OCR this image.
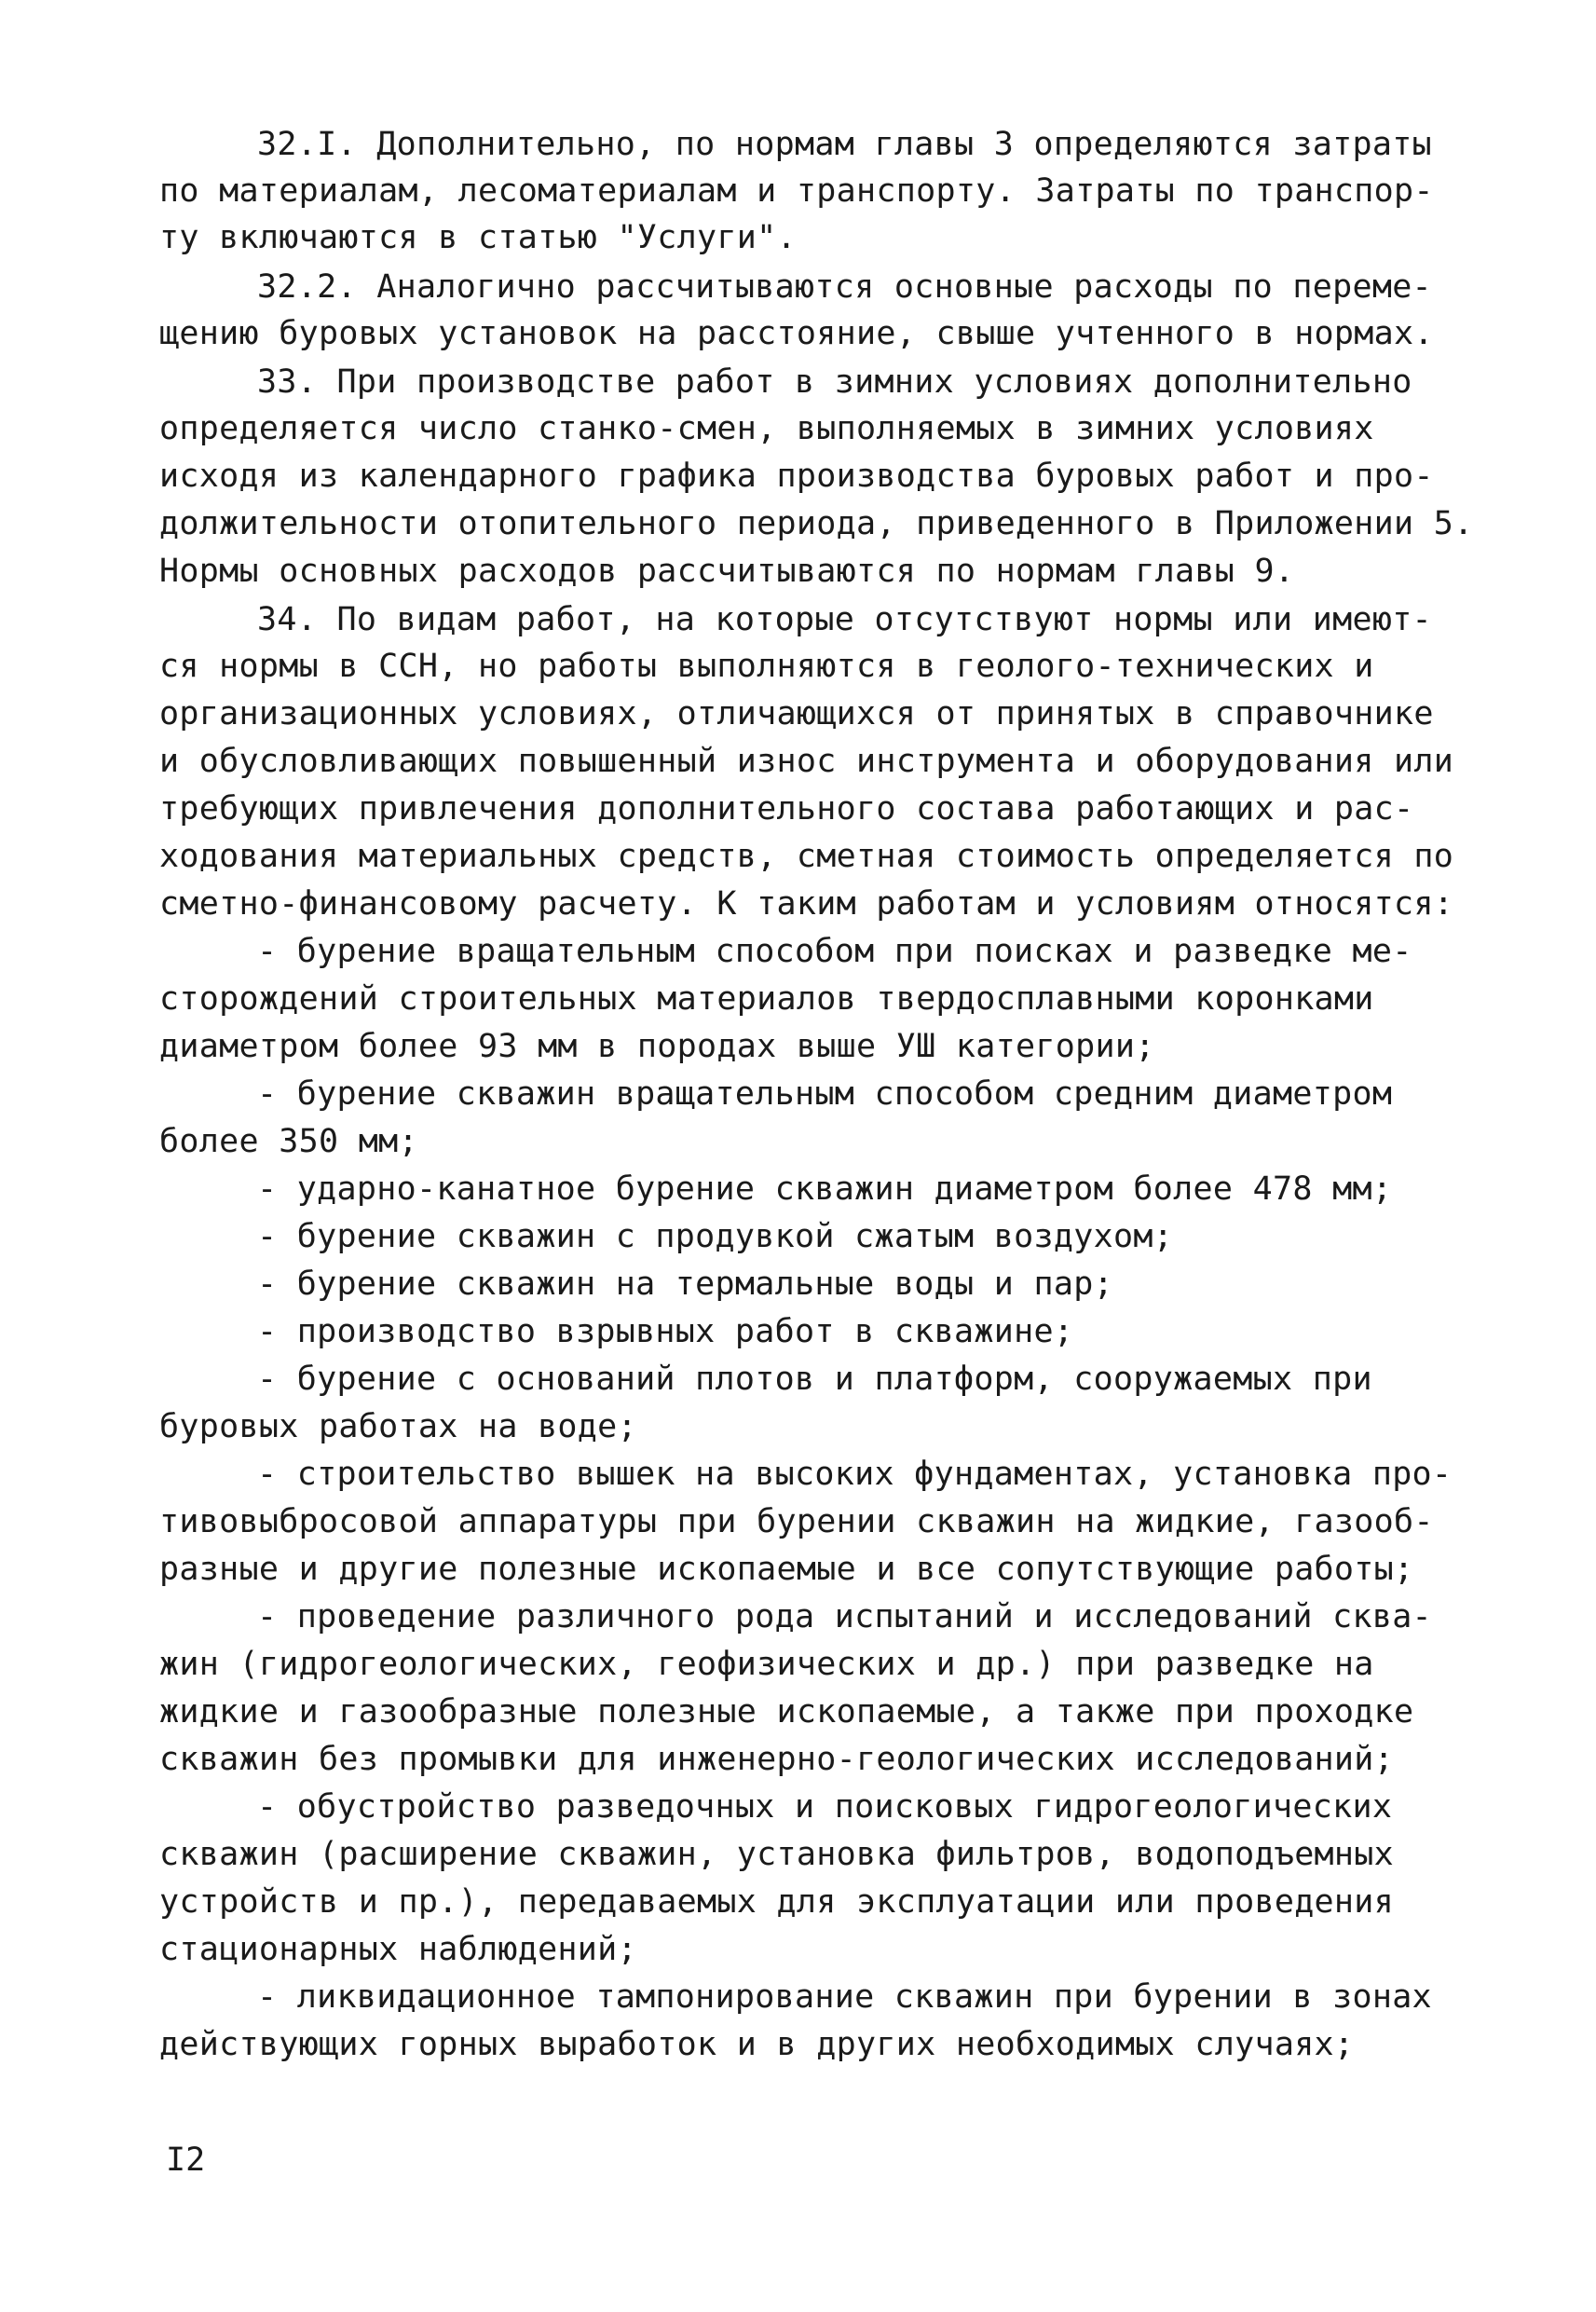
32.I. Дополнительно, по нормам главы 3 определяются затраты
по материалам, лесоматериалам и транспорту. Затраты по транспор-
ту включаются в статью "Услуги".
32.2. Аналогично рассчитываются основные расходы по переме-
щению буровых установок на расстояние, свыше учтенного в нормах.
33. При производстве работ в зимних условиях дополнительно
определяется число станко-смен, выполняемых в зимних условиях
исходя из календарного графика производства буровых работ и про-
должительности отопительного периода, приведенного в Приложении 5.
Нормы основных расходов рассчитываются по нормам главы 9.
34. По видам работ, на которые отсутствуют нормы или имеют-
ся нормы в ССН, но работы выполняются в геолого-технических и
организационных условиях, отличающихся от принятых в справочнике
и обусловливающих повышенный износ инструмента и оборудования или
требующих привлечения дополнительного состава работающих и рас-
ходования материальных средств, сметная стоимость определяется по
сметно-финансовому расчету. К таким работам и условиям относятся:
- бурение вращательным способом при поисках и разведке ме-
сторождений строительных материалов твердосплавными коронками
диаметром более 93 мм в породах выше УШ категории;
- бурение скважин вращательным способом средним диаметром
более 350 мм;
- ударно-канатное бурение скважин диаметром более 478 мм;
- бурение скважин с продувкой сжатым воздухом;
- бурение скважин на термальные воды и пар;
- производство взрывных работ в скважине;
- бурение с оснований плотов и платформ, сооружаемых при
буровых работах на воде;
- строительство вышек на высоких фундаментах, установка про-
тивовыбросовой аппаратуры при бурении скважин на жидкие, газооб-
разные и другие полезные ископаемые и все сопутствующие работы;
- проведение различного рода испытаний и исследований сква-
жин (гидрогеологических, геофизических и др.) при разведке на
жидкие и газообразные полезные ископаемые, а также при проходке
скважин без промывки для инженерно-геологических исследований;
- обустройство разведочных и поисковых гидрогеологических
скважин (расширение скважин, установка фильтров, водоподъемных
устройств и пр.), передаваемых для эксплуатации или проведения
стационарных наблюдений;
- ликвидационное тампонирование скважин при бурении в зонах
действующих горных выработок и в других необходимых случаях;
I2
